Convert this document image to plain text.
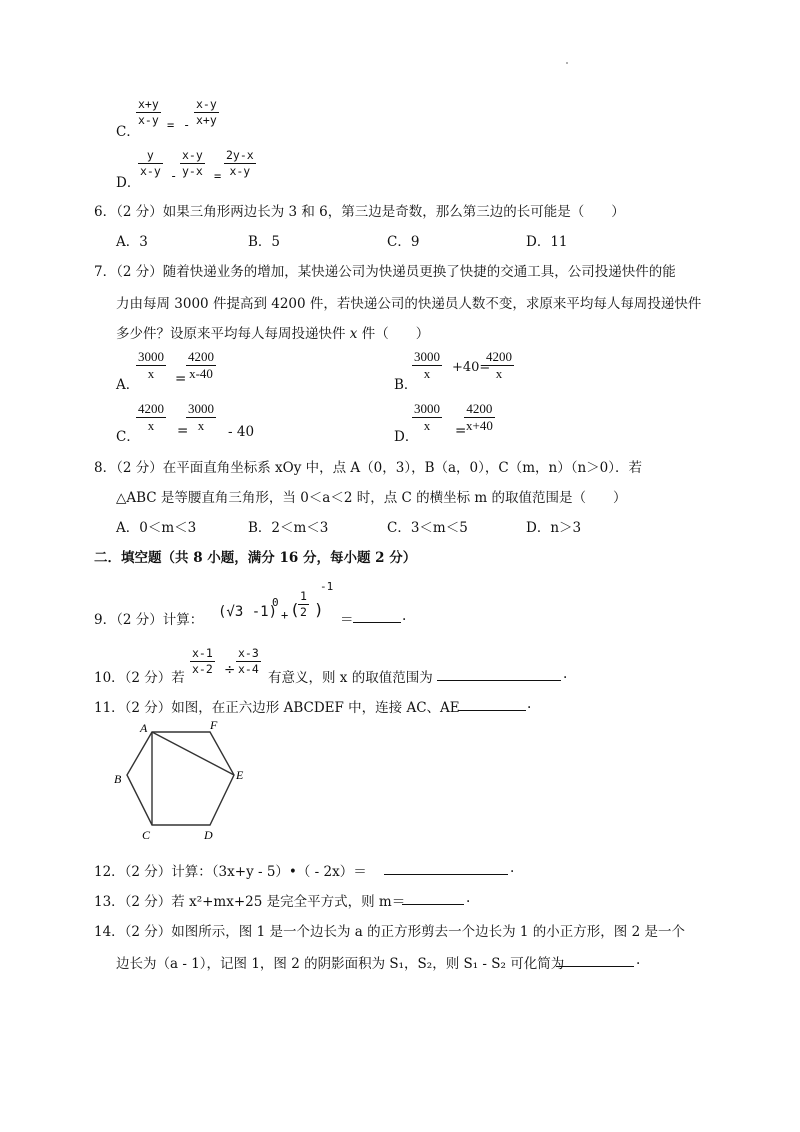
C．
$\frac{x+y}{x-y}$ = - $\frac{x-y}{x+y}$
D．
$\frac{y}{x-y} - \frac{x-y}{y-x} = \frac{2y-x}{x-y}$
6．（2 分）如果三角形两边长为 3 和 6，第三边是奇数，那么第三边的长可能是（　　）
A．3	B．5	C．9	D．11
7．（2 分）随着快递业务的增加，某快递公司为快递员更换了快捷的交通工具，公司投递快件的能
力由每周 3000 件提高到 4200 件，若快递公司的快递员人数不变，求原来平均每人每周投递快件
多少件？设原来平均每人每周投递快件 x 件（　　）
A．
$\frac{3000}{x} = \frac{4200}{x-40}$
B．
$\frac{3000}{x} +40=$
$\frac{4200}{x}$
C．
$\frac{4200}{x}$ =
$\frac{3000}{x} - 40$	D．
$\frac{3000}{x}$ =
$\frac{4200}{x+40}$
8．（2 分）在平面直角坐标系 xOy 中，点 A（0，3），B（a，0），C（m，n）（n＞0）．若
△ABC 是等腰直角三角形，当 0＜a＜2 时，点 C 的横坐标 m 的取值范围是（　　）
A．0＜m＜3	B．2＜m＜3	C．3＜m＜5	D．n＞3
二．填空题（共 8 小题，满分 16 分，每小题 2 分）
9．（2 分）计算： (√3 -1)
0
+ (
$\frac{1}{2}$ )
-1
＝	.
10．（2 分）若
$\frac{x-1}{x-2} \div \frac{x-3}{x-4}$
有意义，则 x 的取值范围为	.
11．（2 分）如图，在正六边形 ABCDEF 中，连接 AC、AE	.
A	F
B	E
C	D
12．（2 分）计算：（3x+y - 5）•（ - 2x）＝	.
13．（2 分）若 x²+mx+25 是完全平方式，则 m＝	.
14．（2 分）如图所示，图 1 是一个边长为 a 的正方形剪去一个边长为 1 的小正方形，图 2 是一个
边长为（a - 1），记图 1，图 2 的阴影面积为 S₁，S₂，则 S₁ - S₂ 可化简为	.
